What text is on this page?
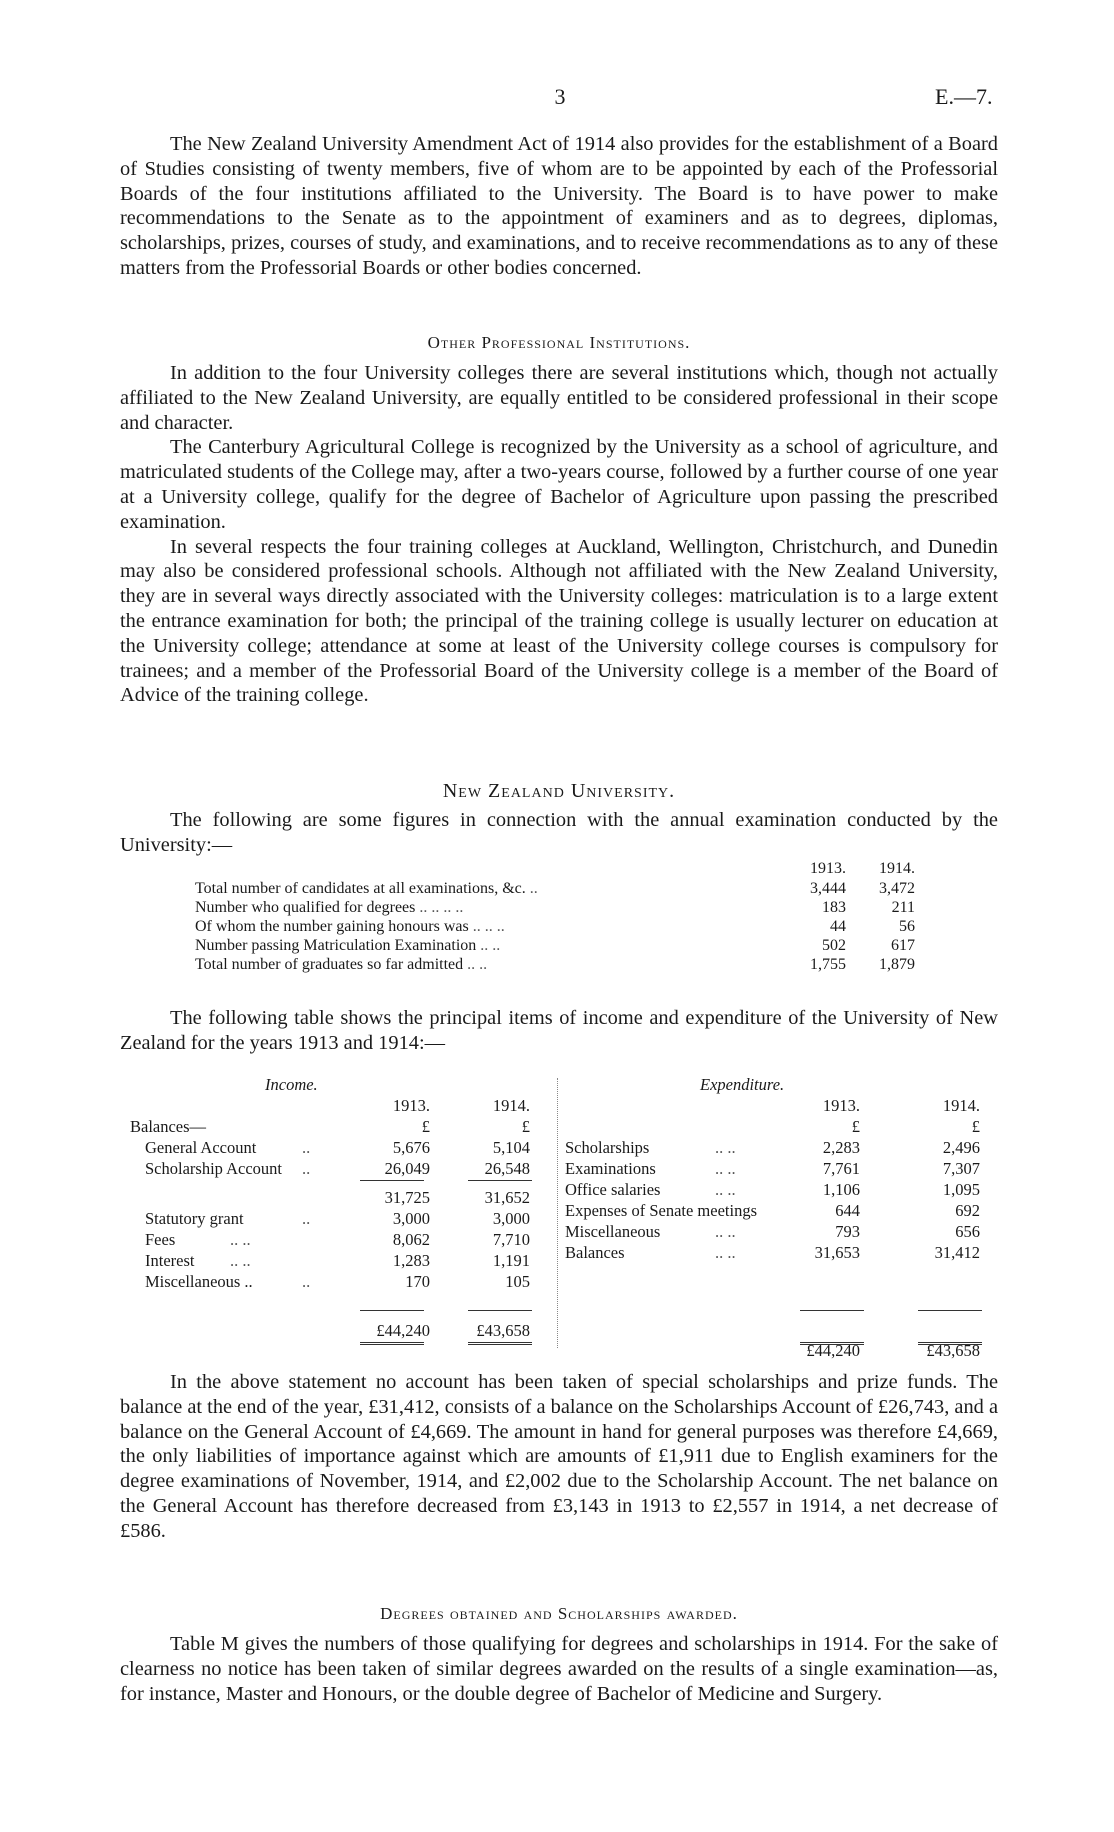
3	E.—7.

The New Zealand University Amendment Act of 1914 also provides for the establishment of a Board of Studies consisting of twenty members, five of whom are to be appointed by each of the Professorial Boards of the four institutions affiliated to the University. The Board is to have power to make recommendations to the Senate as to the appointment of examiners and as to degrees, diplomas, scholarships, prizes, courses of study, and examinations, and to receive recommendations as to any of these matters from the Professorial Boards or other bodies concerned.

Other Professional Institutions.

In addition to the four University colleges there are several institutions which, though not actually affiliated to the New Zealand University, are equally entitled to be considered professional in their scope and character.

The Canterbury Agricultural College is recognized by the University as a school of agriculture, and matriculated students of the College may, after a two-years course, followed by a further course of one year at a University college, qualify for the degree of Bachelor of Agriculture upon passing the prescribed examination.

In several respects the four training colleges at Auckland, Wellington, Christchurch, and Dunedin may also be considered professional schools. Although not affiliated with the New Zealand University, they are in several ways directly associated with the University colleges: matriculation is to a large extent the entrance examination for both; the principal of the training college is usually lecturer on education at the University college; attendance at some at least of the University college courses is compulsory for trainees; and a member of the Professorial Board of the University college is a member of the Board of Advice of the training college.

New Zealand University.

The following are some figures in connection with the annual examination conducted by the University:—

1913.	1914.
Total number of candidates at all examinations, &c. ..	3,444	3,472
Number who qualified for degrees .. .. .. ..	183	211
Of whom the number gaining honours was .. .. ..	44	56
Number passing Matriculation Examination .. ..	502	617
Total number of graduates so far admitted .. ..	1,755	1,879

The following table shows the principal items of income and expenditure of the University of New Zealand for the years 1913 and 1914:—

Income.
1913.	1914.
Balances—	£	£
General Account	..	5,676	5,104
Scholarship Account ..	26,049	26,548
31,725	31,652
Statutory grant	..	3,000	3,000
Fees	.. ..	8,062	7,710
Interest .. ..	1,283	1,191
Miscellaneous ..	..	170	105
£44,240	£43,658
Expenditure.
1913.	1914.
£	£
Scholarships	.. ..	2,283	2,496
Examinations	.. ..	7,761	7,307
Office salaries	.. ..	1,106	1,095
Expenses of Senate meetings	644	692
Miscellaneous	.. ..	793	656
Balances	.. ..	31,653	31,412
£44,240	£43,658

In the above statement no account has been taken of special scholarships and prize funds. The balance at the end of the year, £31,412, consists of a balance on the Scholarships Account of £26,743, and a balance on the General Account of £4,669. The amount in hand for general purposes was therefore £4,669, the only liabilities of importance against which are amounts of £1,911 due to English examiners for the degree examinations of November, 1914, and £2,002 due to the Scholarship Account. The net balance on the General Account has therefore decreased from £3,143 in 1913 to £2,557 in 1914, a net decrease of £586.

Degrees obtained and Scholarships awarded.

Table M gives the numbers of those qualifying for degrees and scholarships in 1914. For the sake of clearness no notice has been taken of similar degrees awarded on the results of a single examination—as, for instance, Master and Honours, or the double degree of Bachelor of Medicine and Surgery.
